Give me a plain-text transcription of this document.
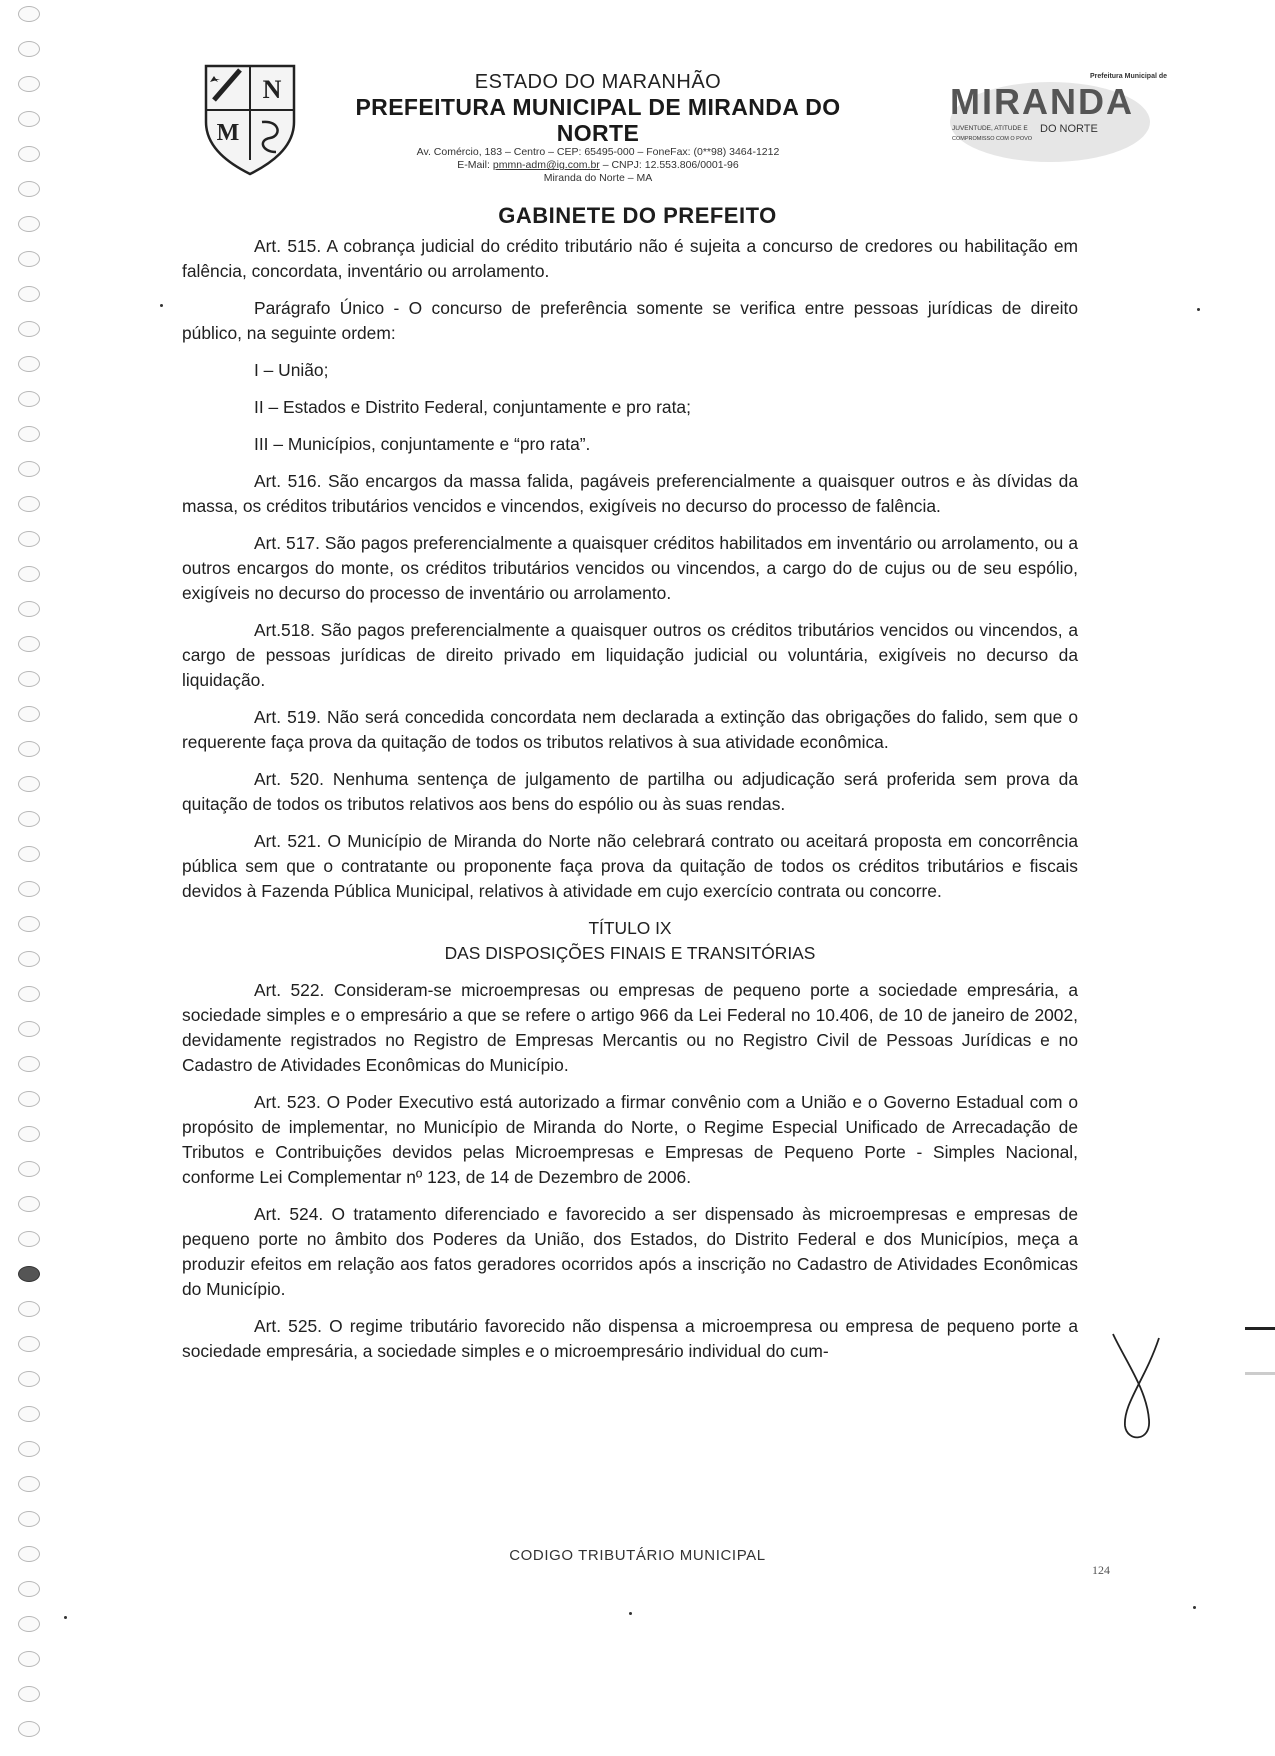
N
M
ESTADO DO MARANHÃO
PREFEITURA MUNICIPAL DE MIRANDA DO NORTE
Av. Comércio, 183 – Centro – CEP: 65495-000 – FoneFax: (0**98) 3464-1212
E-Mail: pmmn-adm@ig.com.br – CNPJ: 12.553.806/0001-96
Miranda do Norte – MA
Prefeitura Municipal de
MIRANDA
JUVENTUDE, ATITUDE E DO NORTE
COMPROMISSO COM O POVO
GABINETE DO PREFEITO

Art. 515. A cobrança judicial do crédito tributário não é sujeita a concurso de credores ou habilitação em falência, concordata, inventário ou arrolamento.

Parágrafo Único - O concurso de preferência somente se verifica entre pessoas jurídicas de direito público, na seguinte ordem:

I – União;

II – Estados e Distrito Federal, conjuntamente e pro rata;

III – Municípios, conjuntamente e “pro rata”.

Art. 516. São encargos da massa falida, pagáveis preferencialmente a quaisquer outros e às dívidas da massa, os créditos tributários vencidos e vincendos, exigíveis no decurso do processo de falência.

Art. 517. São pagos preferencialmente a quaisquer créditos habilitados em inventário ou arrolamento, ou a outros encargos do monte, os créditos tributários vencidos ou vincendos, a cargo do de cujus ou de seu espólio, exigíveis no decurso do processo de inventário ou arrolamento.

Art.518. São pagos preferencialmente a quaisquer outros os créditos tributários vencidos ou vincendos, a cargo de pessoas jurídicas de direito privado em liquidação judicial ou voluntária, exigíveis no decurso da liquidação.

Art. 519. Não será concedida concordata nem declarada a extinção das obrigações do falido, sem que o requerente faça prova da quitação de todos os tributos relativos à sua atividade econômica.

Art. 520. Nenhuma sentença de julgamento de partilha ou adjudicação será proferida sem prova da quitação de todos os tributos relativos aos bens do espólio ou às suas rendas.

Art. 521. O Município de Miranda do Norte não celebrará contrato ou aceitará proposta em concorrência pública sem que o contratante ou proponente faça prova da quitação de todos os créditos tributários e fiscais devidos à Fazenda Pública Municipal, relativos à atividade em cujo exercício contrata ou concorre.

TÍTULO IX
DAS DISPOSIÇÕES FINAIS E TRANSITÓRIAS

Art. 522. Consideram-se microempresas ou empresas de pequeno porte a sociedade empresária, a sociedade simples e o empresário a que se refere o artigo 966 da Lei Federal no 10.406, de 10 de janeiro de 2002, devidamente registrados no Registro de Empresas Mercantis ou no Registro Civil de Pessoas Jurídicas e no Cadastro de Atividades Econômicas do Município.

Art. 523. O Poder Executivo está autorizado a firmar convênio com a União e o Governo Estadual com o propósito de implementar, no Município de Miranda do Norte, o Regime Especial Unificado de Arrecadação de Tributos e Contribuições devidos pelas Microempresas e Empresas de Pequeno Porte - Simples Nacional, conforme Lei Complementar nº 123, de 14 de Dezembro de 2006.

Art. 524. O tratamento diferenciado e favorecido a ser dispensado às microempresas e empresas de pequeno porte no âmbito dos Poderes da União, dos Estados, do Distrito Federal e dos Municípios, meça a produzir efeitos em relação aos fatos geradores ocorridos após a inscrição no Cadastro de Atividades Econômicas do Município.

Art. 525. O regime tributário favorecido não dispensa a microempresa ou empresa de pequeno porte a sociedade empresária, a sociedade simples e o microempresário individual do cum-

CODIGO TRIBUTÁRIO MUNICIPAL
124
